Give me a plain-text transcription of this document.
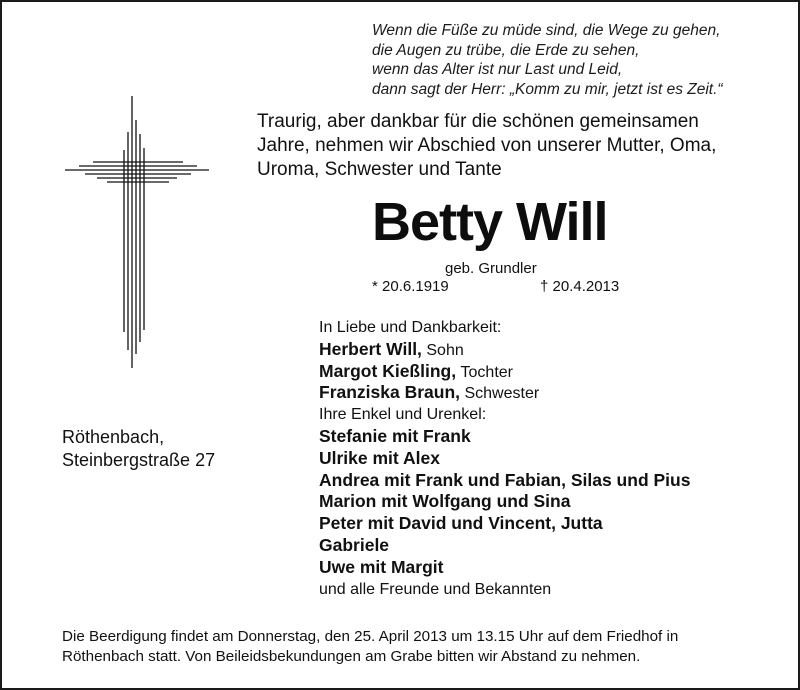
Wenn die Füße zu müde sind, die Wege zu gehen,
die Augen zu trübe, die Erde zu sehen,
wenn das Alter ist nur Last und Leid,
dann sagt der Herr: „Komm zu mir, jetzt ist es Zeit.“
Traurig, aber dankbar für die schönen gemeinsamen
Jahre, nehmen wir Abschied von unserer Mutter, Oma,
Uroma, Schwester und Tante
Betty Will
geb. Grundler
* 20.6.1919	† 20.4.2013
Röthenbach,
Steinbergstraße 27
In Liebe und Dankbarkeit:
Herbert Will, Sohn
Margot Kießling, Tochter
Franziska Braun, Schwester
Ihre Enkel und Urenkel:
Stefanie mit Frank
Ulrike mit Alex
Andrea mit Frank und Fabian, Silas und Pius
Marion mit Wolfgang und Sina
Peter mit David und Vincent, Jutta
Gabriele
Uwe mit Margit
und alle Freunde und Bekannten
Die Beerdigung findet am Donnerstag, den 25. April 2013 um 13.15 Uhr auf dem Friedhof in
Röthenbach statt. Von Beileidsbekundungen am Grabe bitten wir Abstand zu nehmen.
